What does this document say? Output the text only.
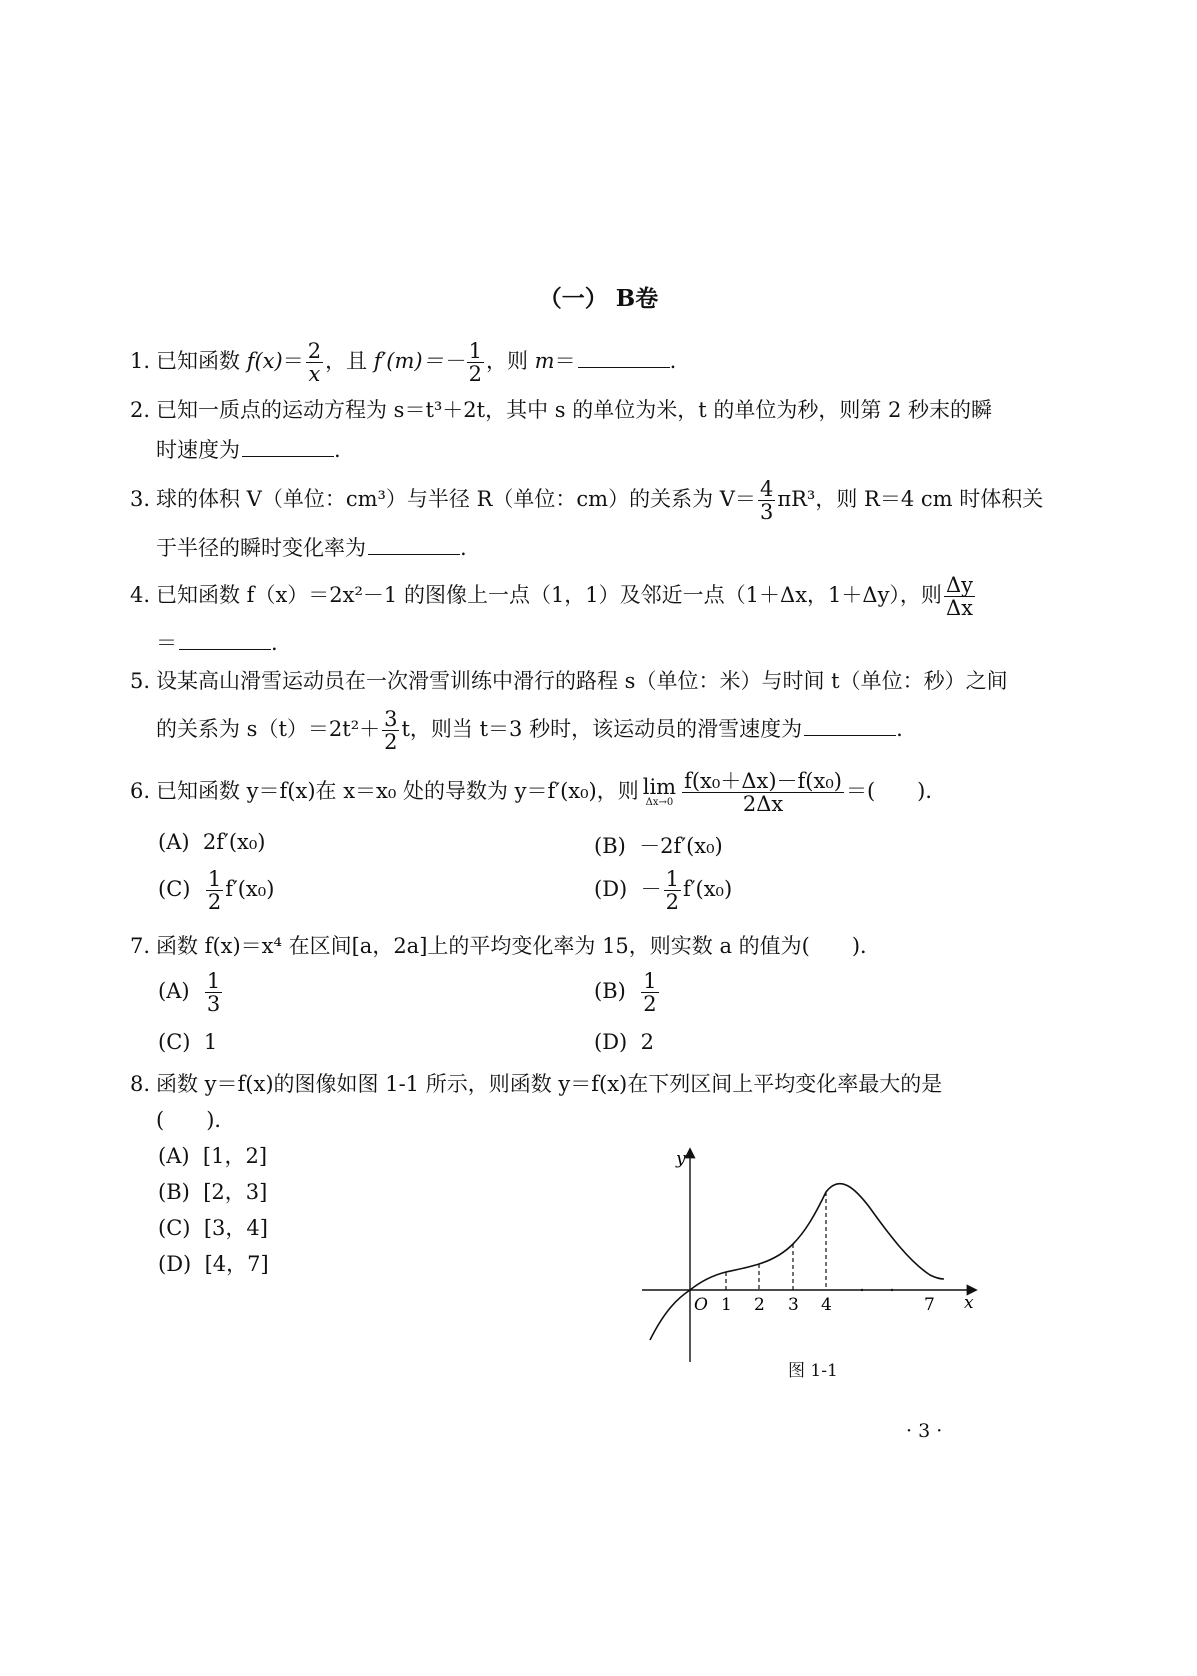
（一） B卷
1. 已知函数 $f(x)= \frac{2}{x}$ ，且 $f'(m)=- \frac{1}{2}$ ，则 m＝	.
2. 已知一质点的运动方程为 s＝t³＋2t，其中 s 的单位为米，t 的单位为秒，则第 2 秒末的瞬
时速度为	.
3. 球的体积 V（单位：cm³）与半径 R（单位：cm）的关系为 $V= \frac{4}{3} \pi R^3$，则 R＝4 cm 时体积关
于半径的瞬时变化率为	.
4. 已知函数 f（x）＝2x²－1 的图像上一点（1，1）及邻近一点（1＋Δx，1＋Δy），则 $\frac{\Delta y}{\Delta x}$
＝	.
5. 设某高山滑雪运动员在一次滑雪训练中滑行的路程 s（单位：米）与时间 t（单位：秒）之间
的关系为 $s(t)=2t^2+ \frac{3}{2}$ t，则当 t＝3 秒时，该运动员的滑雪速度为	.
6. 已知函数 y＝f(x)在 x＝x₀ 处的导数为 y＝f′(x₀)，则 lim
$\Delta x\to 0 \frac{\text{f(x₀＋Δx)－f(x₀)}}{2\Delta x}$ ＝(　　)．
(A) 2f′(x₀)	(B) －2f′(x₀)
$(C) \frac{1}{2} f'(x_0)$	$(D) - \frac{1}{2} f'(x_0)$
7. 函数 f(x)＝x⁴ 在区间[a，2a]上的平均变化率为 15，则实数 a 的值为(　　)．
$(A) \frac{1}{3}$	$(B) \frac{1}{2}$
(C) 1	(D) 2
8. 函数 y＝f(x)的图像如图 1-1 所示，则函数 y＝f(x)在下列区间上平均变化率最大的是
(　　)．
(A) [1，2]
(B) [2，3]
(C) [3，4]
(D) [4，7]
y
x
O 1 2 3 4	7
图 1-1
· 3 ·
